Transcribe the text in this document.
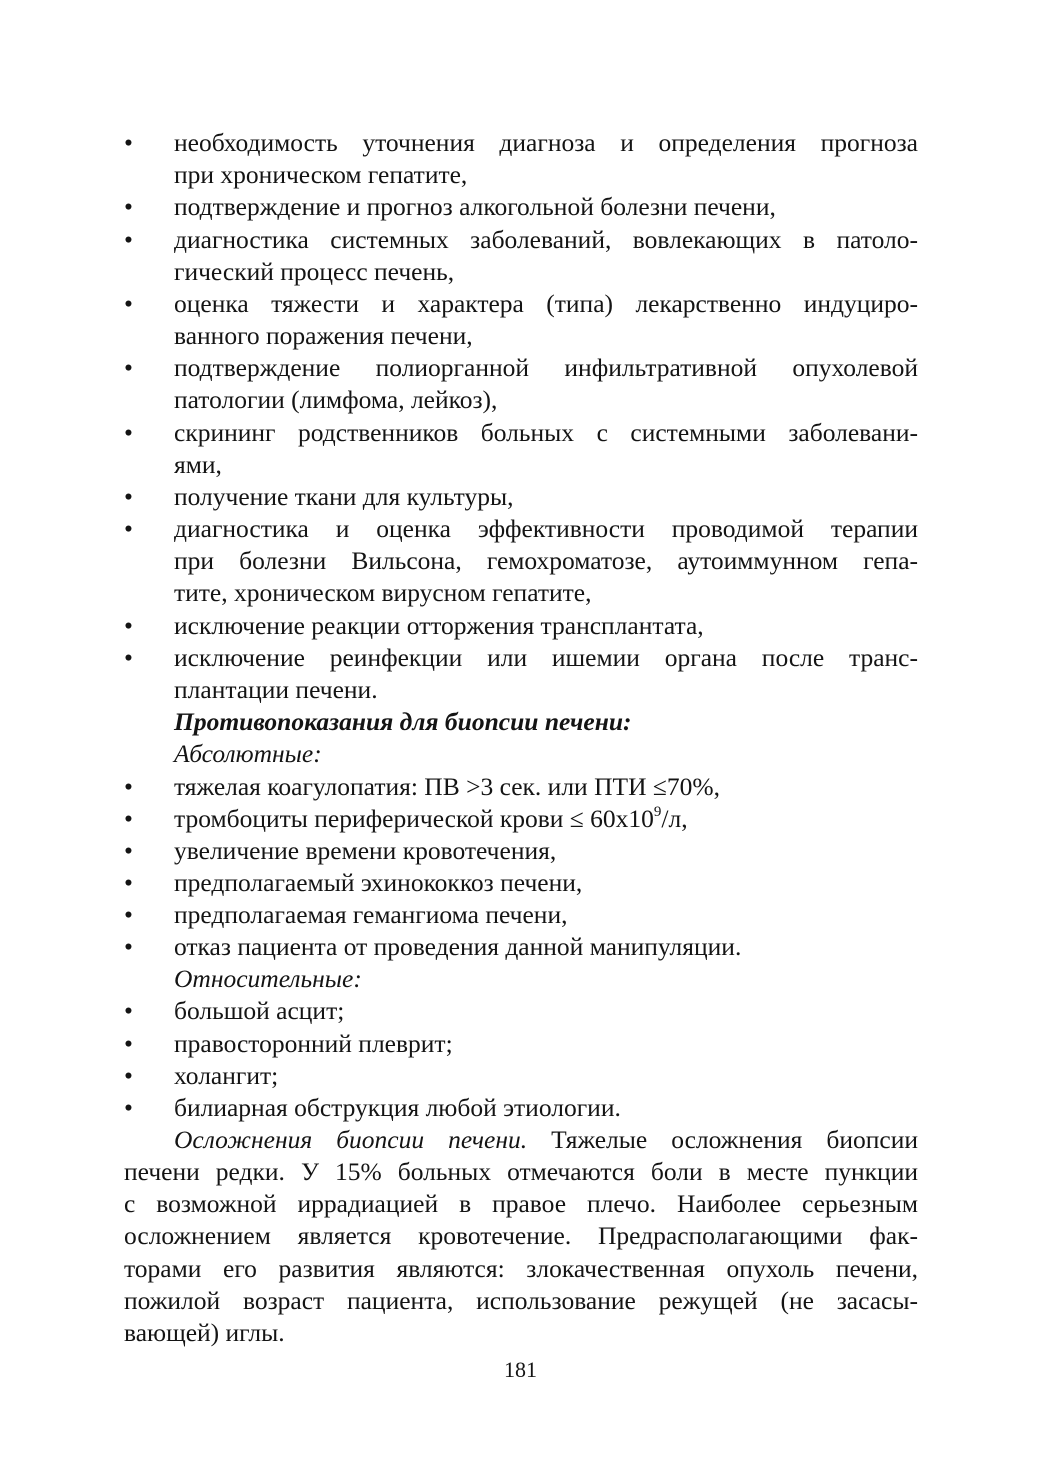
• необходимость уточнения диагноза и определения прогноза
при хроническом гепатите,
• подтверждение и прогноз алкогольной болезни печени,
• диагностика системных заболеваний, вовлекающих в патоло-
гический процесс печень,
• оценка тяжести и характера (типа) лекарственно индуциро-
ванного поражения печени,
• подтверждение полиорганной инфильтративной опухолевой
патологии (лимфома, лейкоз),
• скрининг родственников больных с системными заболевани-
ями,
• получение ткани для культуры,
• диагностика и оценка эффективности проводимой терапии
при болезни Вильсона, гемохроматозе, аутоиммунном гепа-
тите, хроническом вирусном гепатите,
• исключение реакции отторжения трансплантата,
• исключение реинфекции или ишемии органа после транс-
плантации печени.
Противопоказания для биопсии печени:
Абсолютные:
• тяжелая коагулопатия: ПВ >3 сек. или ПТИ ≤70%,
• тромбоциты периферической крови ≤ $60х10^9/л$,
• увеличение времени кровотечения,
• предполагаемый эхинококкоз печени,
• предполагаемая гемангиома печени,
• отказ пациента от проведения данной манипуляции.
Относительные:
• большой асцит;
• правосторонний плеврит;
• холангит;
• билиарная обструкция любой этиологии.
Осложнения биопсии печени. Тяжелые осложнения биопсии
печени редки. У 15% больных отмечаются боли в месте пункции
с возможной иррадиацией в правое плечо. Наиболее серьезным
осложнением является кровотечение. Предрасполагающими фак-
торами его развития являются: злокачественная опухоль печени,
пожилой возраст пациента, использование режущей (не засасы-
вающей) иглы.
181
